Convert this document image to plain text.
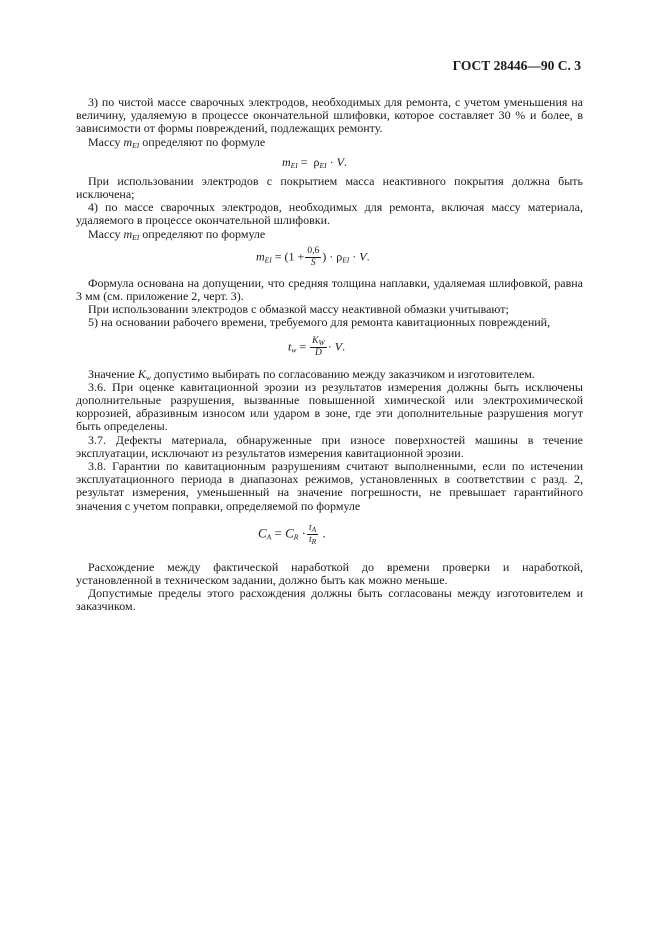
ГОСТ 28446—90 С. 3

3) по чистой массе сварочных электродов, необходимых для ремонта, с учетом уменьшения на величину, удаляемую в процессе окончательной шлифовки, которое составляет 30 % и более, в зависимости от формы повреждений, подлежащих ремонту.

Массу $m_{EI}$ определяют по формуле

$m_{EI} = \rho_{EI} \cdot V$.

При использовании электродов с покрытием масса неактивного покрытия должна быть исключена;

4) по массе сварочных электродов, необходимых для ремонта, включая массу материала, удаляемого в процессе окончательной шлифовки.

Массу $m_{EI}$ определяют по формуле

$m_{EI} = (1 + \frac{0,6}{S}$ ) · $\rho_{EI} \cdot V$.

Формула основана на допущении, что средняя толщина наплавки, удаляемая шлифовкой, равна 3 мм (см. приложение 2, черт. 3).

При использовании электродов с обмазкой массу неактивной обмазки учитывают;

5) на основании рабочего времени, требуемого для ремонта кавитационных повреждений,

$t_w = \frac{K_W}{D} \cdot V$.

Значение $K_w$ допустимо выбирать по согласованию между заказчиком и изготовителем.

3.6. При оценке кавитационной эрозии из результатов измерения должны быть исключены дополнительные разрушения, вызванные повышенной химической или электрохимической коррозией, абразивным износом или ударом в зоне, где эти дополнительные разрушения могут быть определены.

3.7. Дефекты материала, обнаруженные при износе поверхностей машины в течение эксплуатации, исключают из результатов измерения кавитационной эрозии.

3.8. Гарантии по кавитационным разрушениям считают выполненными, если по истечении эксплуатационного периода в диапазонах режимов, установленных в соответствии с разд. 2, результат измерения, уменьшенный на значение погрешности, не превышает гарантийного значения с учетом поправки, определяемой по формуле

$C_A = C_R \cdot \frac{t_A}{t_R}$ .

Расхождение между фактической наработкой до времени проверки и наработкой, установленной в техническом задании, должно быть как можно меньше.

Допустимые пределы этого расхождения должны быть согласованы между изготовителем и заказчиком.
